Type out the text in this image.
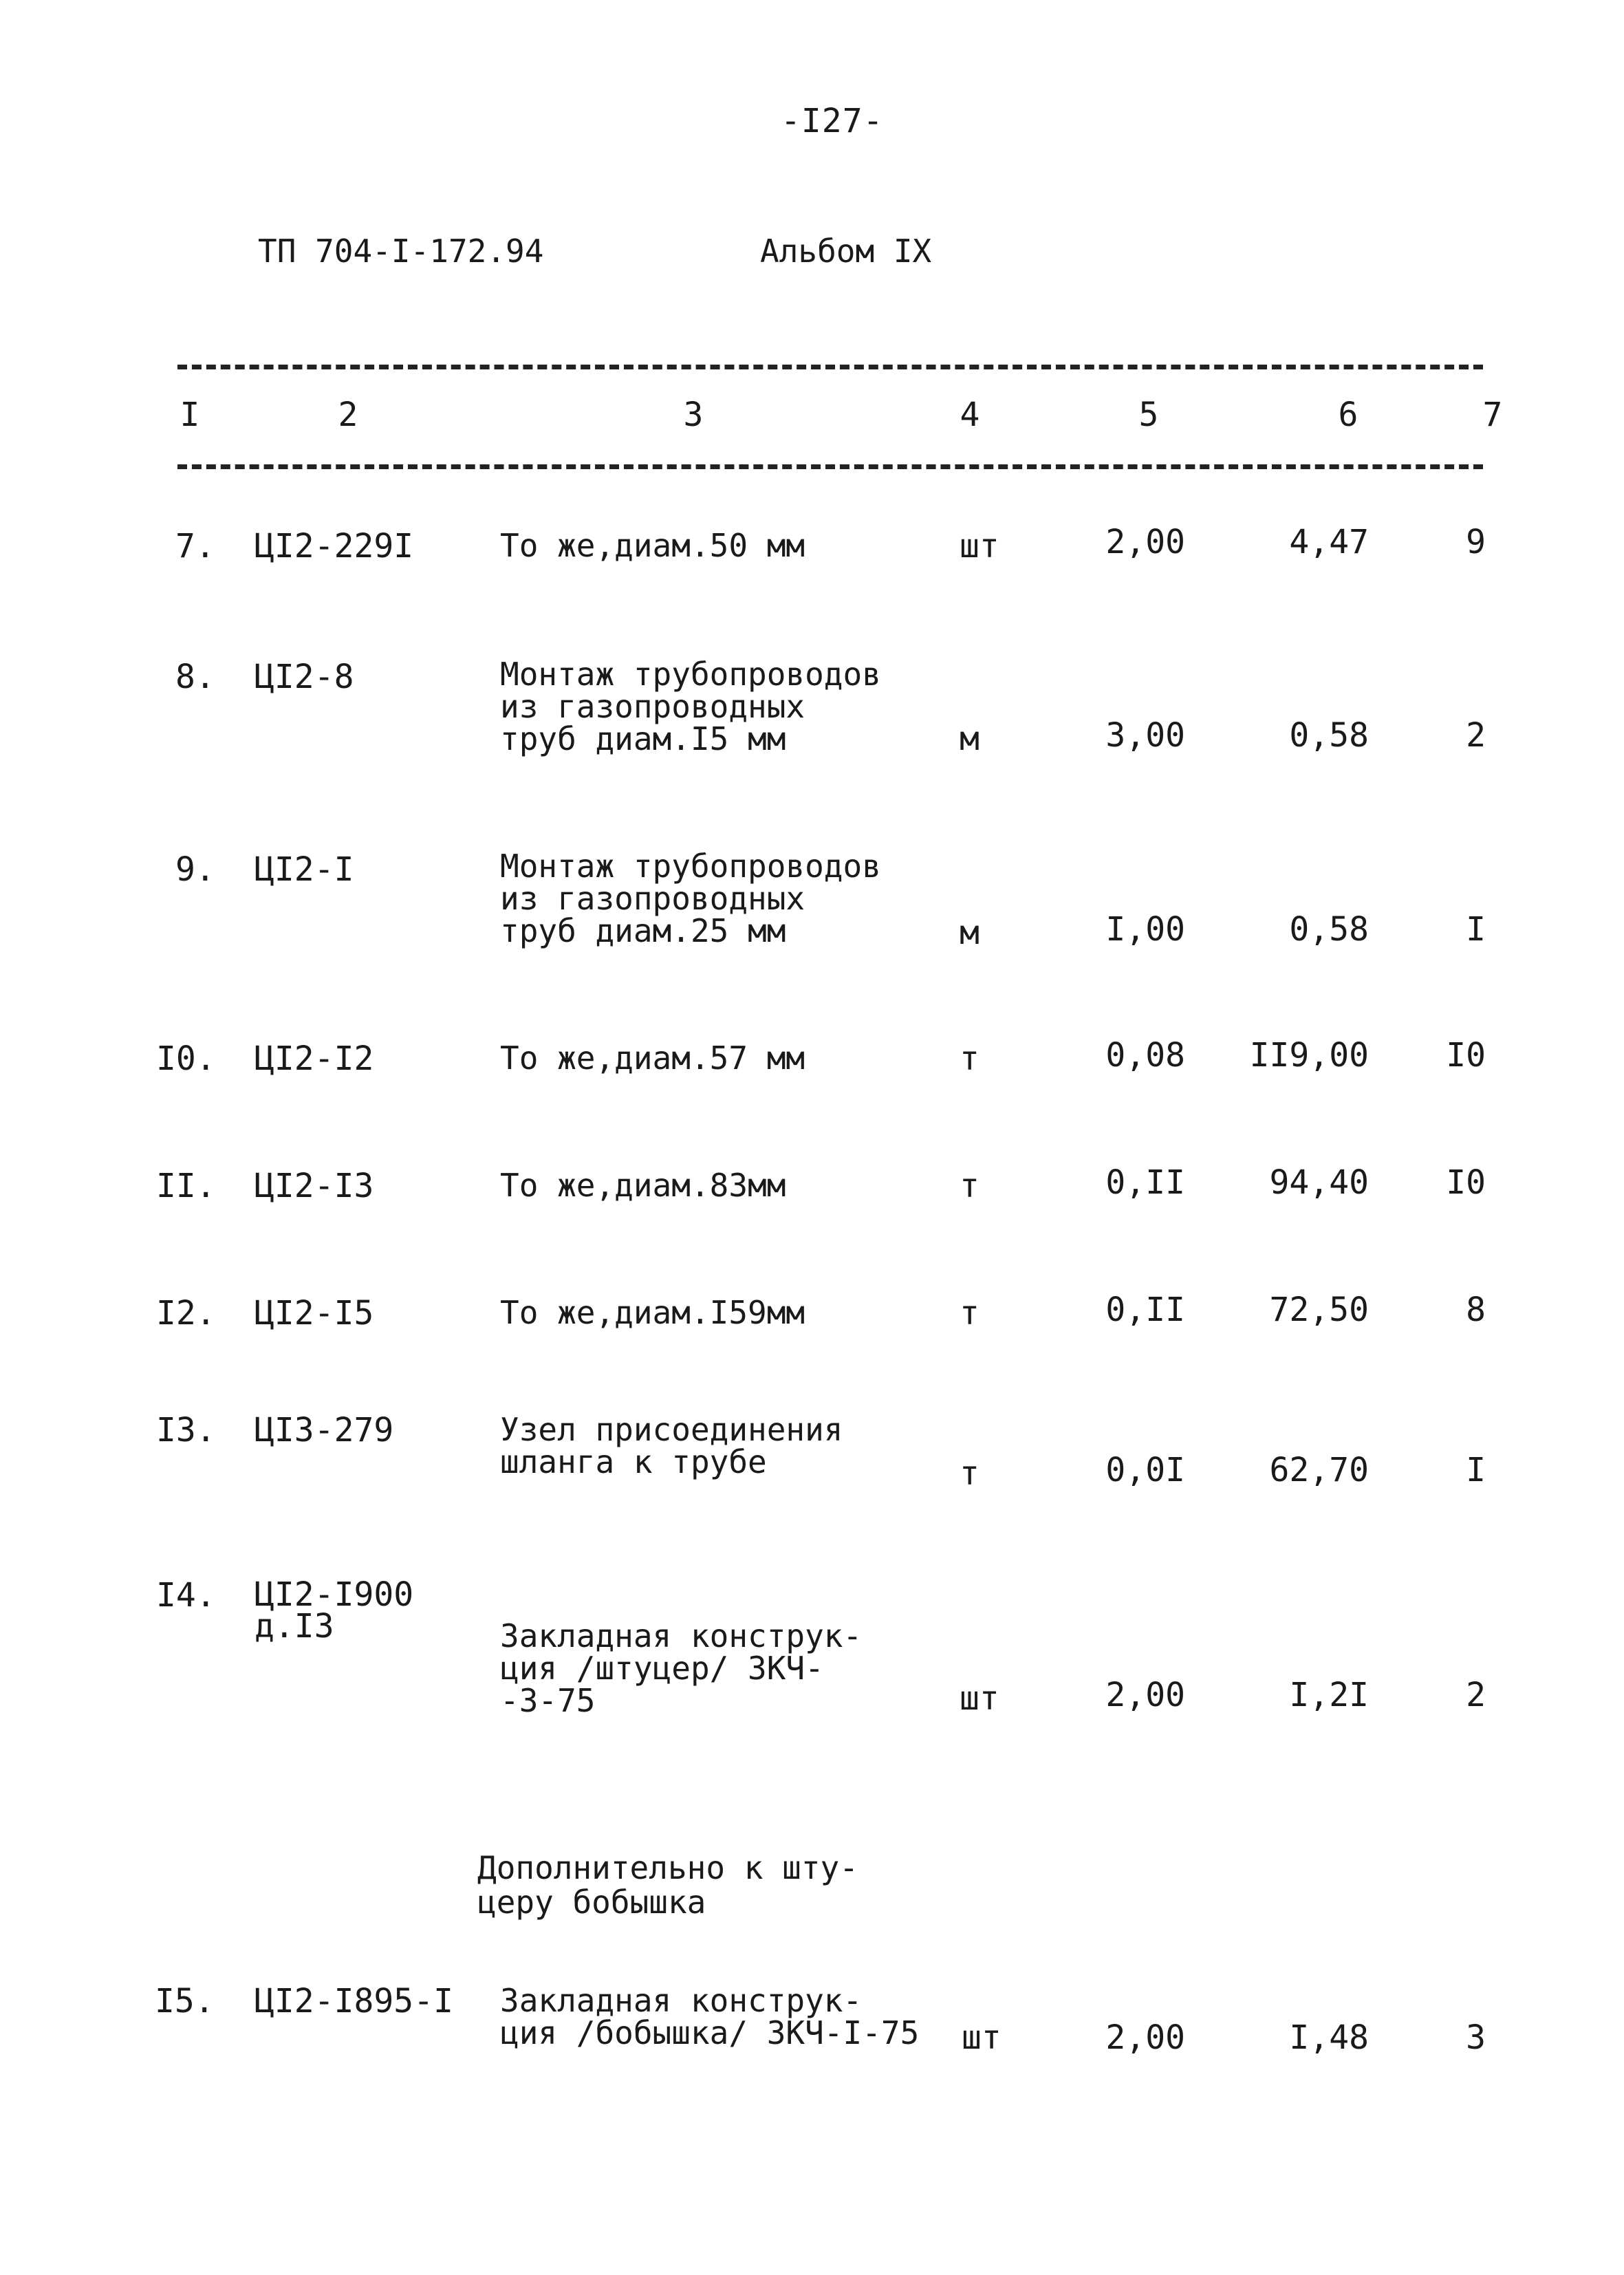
-I27-
ТП 704-I-172.94	Альбом IX
I	2	3	4	5	6	7
7. ЦI2-229I	То же,диам.50 мм	шт	2,00	4,47	9
8. ЦI2-8	Монтаж трубопроводов
из газопроводных
труб диам.I5 мм	м	3,00	0,58	2
9. ЦI2-I	Монтаж трубопроводов
из газопроводных
труб диам.25 мм	м	I,00	0,58	I
I0. ЦI2-I2	То же,диам.57 мм	т	0,08	II9,00	I0
II. ЦI2-I3	То же,диам.83мм	т	0,II	94,40	I0
I2. ЦI2-I5	То же,диам.I59мм	т	0,II	72,50	8
I3. ЦI3-279	Узел присоединения
шланга к трубе	т	0,0I	62,70	I
I4. ЦI2-I900
д.I3	Закладная конструк-
ция /штуцер/ ЗКЧ-
-3-75	шт	2,00	I,2I	2
Дополнительно к шту-
церу бобышка
I5. ЦI2-I895-I Закладная конструк-
ция /бобышка/ ЗКЧ-I-75 шт	2,00	I,48	3
